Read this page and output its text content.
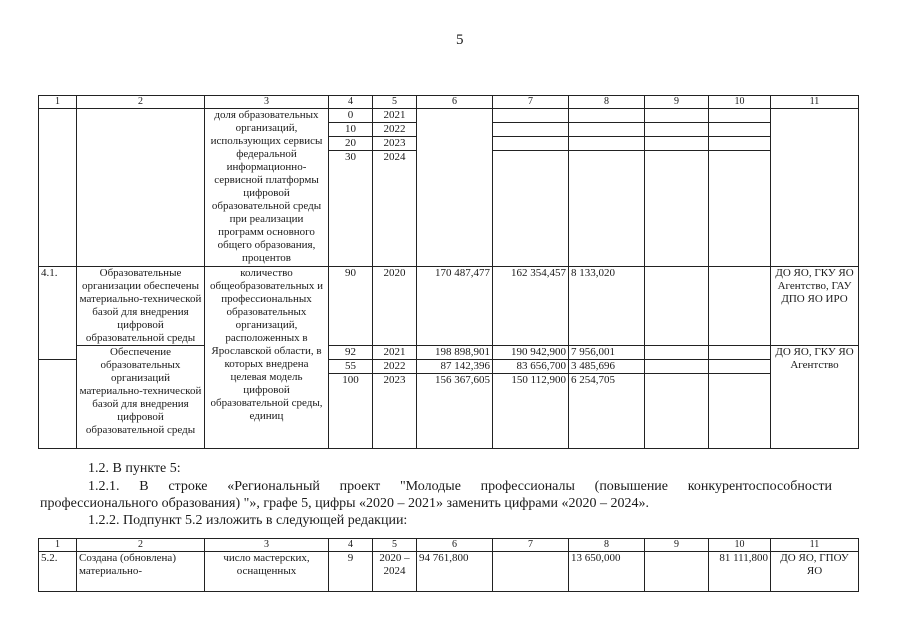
5
1	2	3	4	5	6	7	8	9	10	11
		доля образовательных организаций, использующих сервисы федеральной информационно-сервисной платформы цифровой образовательной среды при реализации программ основного общего образования, процентов	0	2021						
			10	2022						
			20	2023						
			30	2024						
4.1.	Образовательные организации обеспечены материально-технической базой для внедрения цифровой образовательной среды	количество общеобразовательных и профессиональных образовательных организаций, расположенных в Ярославской области, в которых внедрена целевая модель цифровой образовательной среды, единиц	90	2020	170 487,477	162 354,457	8 133,020			ДО ЯО, ГКУ ЯО Агентство, ГАУ ДПО ЯО ИРО
	Обеспечение образовательных организаций материально-технической базой для внедрения цифровой образовательной среды		92	2021	198 898,901	190 942,900	7 956,001			ДО ЯО, ГКУ ЯО Агентство
			55	2022	87 142,396	83 656,700	3 485,696			
			100	2023	156 367,605	150 112,900	6 254,705			
1.2. В пункте 5:
1.2.1. В строке «Региональный проект "Молодые профессионалы (повышение конкурентоспособности
профессионального образования) "», графе 5, цифры «2020 – 2021» заменить цифрами «2020 – 2024».
1.2.2. Подпункт 5.2 изложить в следующей редакции:
1	2	3	4	5	6	7	8	9	10	11
5.2.	Создана (обновлена) материально-	число мастерских, оснащенных	9	2020 – 2024	94 761,800		13 650,000		81 111,800	ДО ЯО, ГПОУ ЯО
